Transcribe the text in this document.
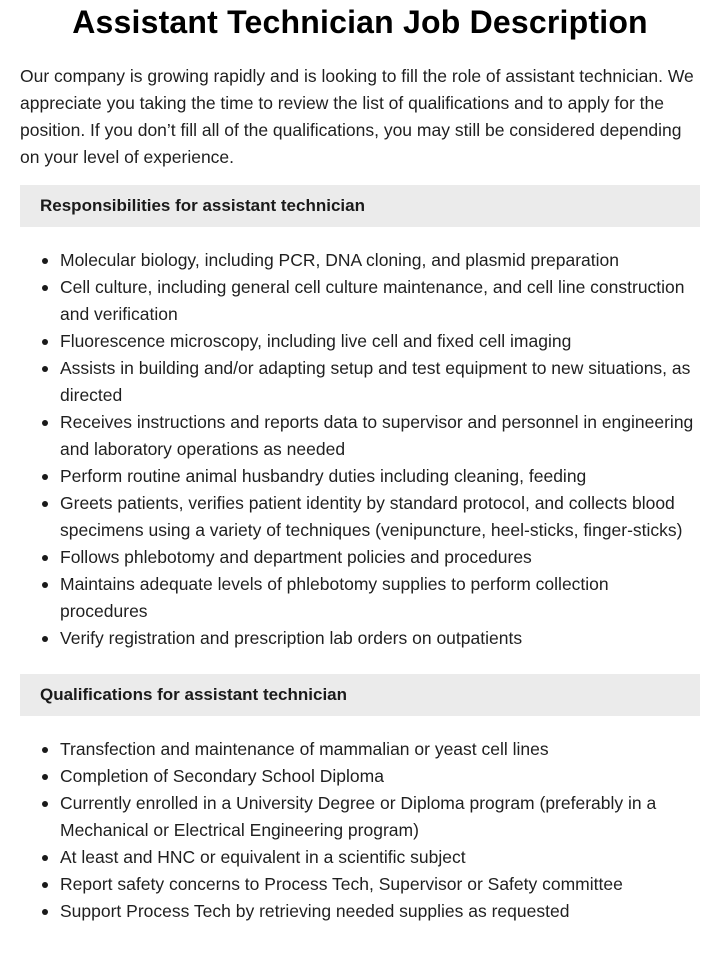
Assistant Technician Job Description

Our company is growing rapidly and is looking to fill the role of assistant technician. We appreciate you taking the time to review the list of qualifications and to apply for the position. If you don’t fill all of the qualifications, you may still be considered depending on your level of experience.

Responsibilities for assistant technician
Molecular biology, including PCR, DNA cloning, and plasmid preparation
Cell culture, including general cell culture maintenance, and cell line construction and verification
Fluorescence microscopy, including live cell and fixed cell imaging
Assists in building and/or adapting setup and test equipment to new situations, as directed
Receives instructions and reports data to supervisor and personnel in engineering and laboratory operations as needed
Perform routine animal husbandry duties including cleaning, feeding
Greets patients, verifies patient identity by standard protocol, and collects blood specimens using a variety of techniques (venipuncture, heel-sticks, finger-sticks)
Follows phlebotomy and department policies and procedures
Maintains adequate levels of phlebotomy supplies to perform collection procedures
Verify registration and prescription lab orders on outpatients
Qualifications for assistant technician
Transfection and maintenance of mammalian or yeast cell lines
Completion of Secondary School Diploma
Currently enrolled in a University Degree or Diploma program (preferably in a Mechanical or Electrical Engineering program)
At least and HNC or equivalent in a scientific subject
Report safety concerns to Process Tech, Supervisor or Safety committee
Support Process Tech by retrieving needed supplies as requested
